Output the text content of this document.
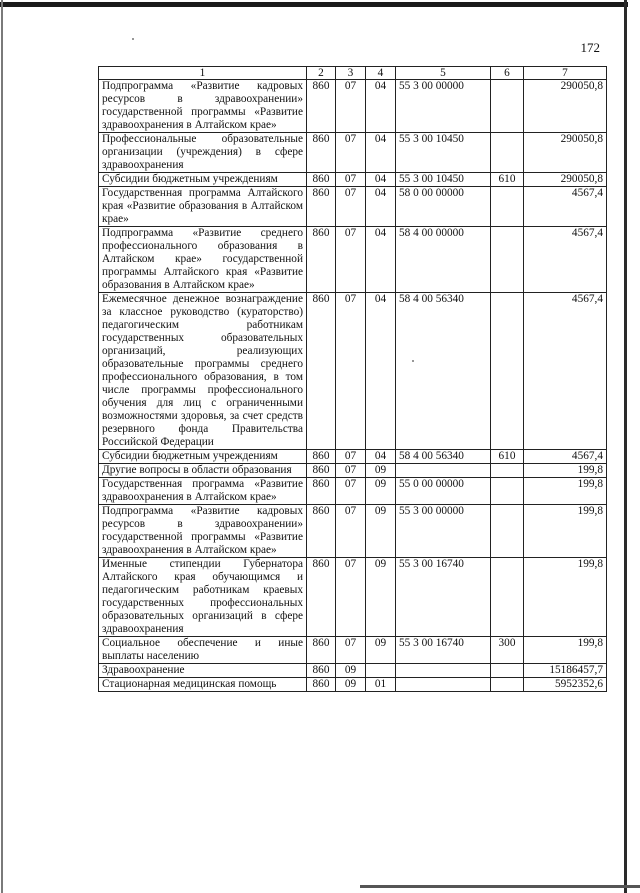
172
1	2	3	4	5	6	7
Подпрограмма «Развитие кадровых ресурсов в здравоохранении» государственной программы «Развитие здравоохранения в Алтайском крае»	860	07	04	55 3 00 00000		290050,8
Профессиональные образовательные организации (учреждения) в сфере здравоохранения	860	07	04	55 3 00 10450		290050,8
Субсидии бюджетным учреждениям	860	07	04	55 3 00 10450	610	290050,8
Государственная программа Алтайского края «Развитие образования в Алтайском крае»	860	07	04	58 0 00 00000		4567,4
Подпрограмма «Развитие среднего профессионального образования в Алтайском крае» государственной программы Алтайского края «Развитие образования в Алтайском крае»	860	07	04	58 4 00 00000		4567,4
Ежемесячное денежное вознаграждение за классное руководство (кураторство) педагогическим работникам государственных образовательных организаций, реализующих образовательные программы среднего профессионального образования, в том числе программы профессионального обучения для лиц с ограниченными возможностями здоровья, за счет средств резервного фонда Правительства Российской Федерации	860	07	04	58 4 00 56340		4567,4
Субсидии бюджетным учреждениям	860	07	04	58 4 00 56340	610	4567,4
Другие вопросы в области образования	860	07	09			199,8
Государственная программа «Развитие здравоохранения в Алтайском крае»	860	07	09	55 0 00 00000		199,8
Подпрограмма «Развитие кадровых ресурсов в здравоохранении» государственной программы «Развитие здравоохранения в Алтайском крае»	860	07	09	55 3 00 00000		199,8
Именные стипендии Губернатора Алтайского края обучающимся и педагогическим работникам краевых государственных профессиональных образовательных организаций в сфере здравоохранения	860	07	09	55 3 00 16740		199,8
Социальное обеспечение и иные выплаты населению	860	07	09	55 3 00 16740	300	199,8
Здравоохранение	860	09				15186457,7
Стационарная медицинская помощь	860	09	01			5952352,6
